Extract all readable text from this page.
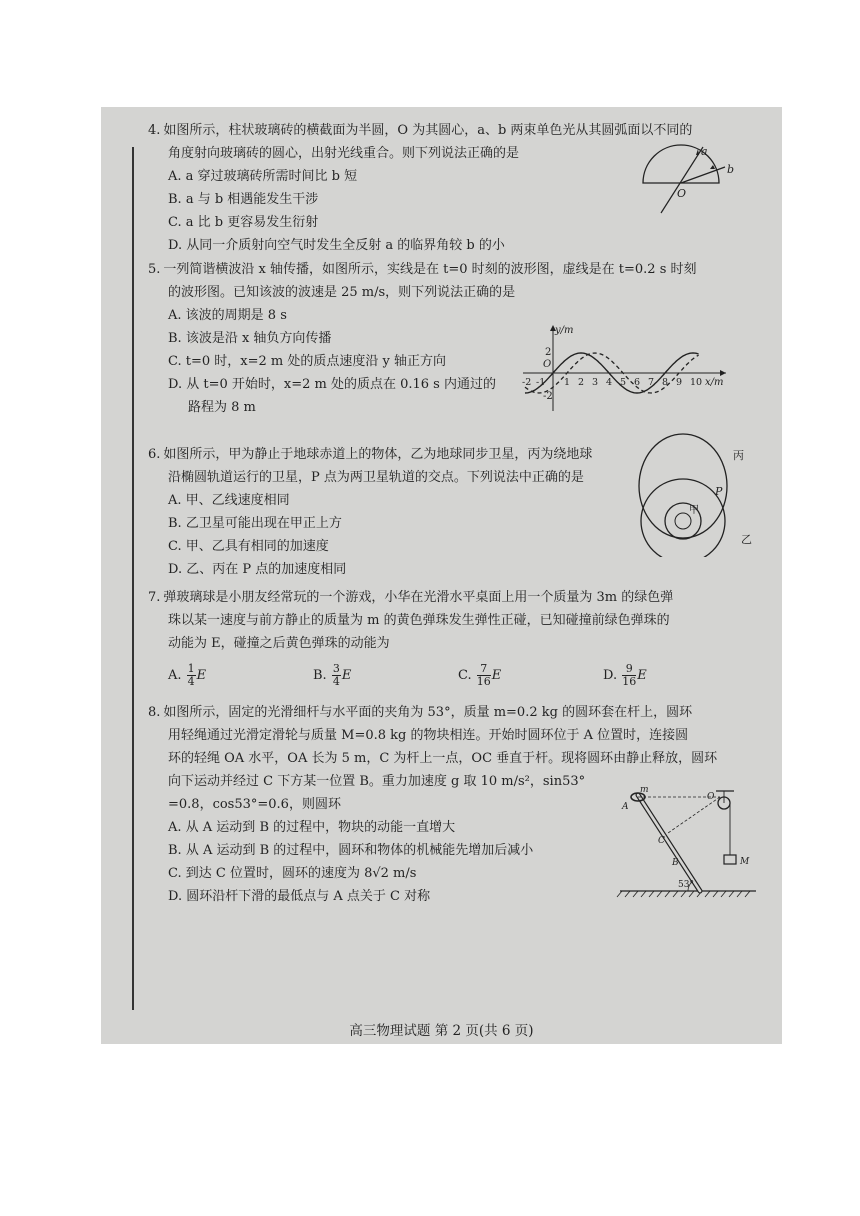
4. 如图所示，柱状玻璃砖的横截面为半圆，O 为其圆心，a、b 两束单色光从其圆弧面以不同的
角度射向玻璃砖的圆心，出射光线重合。则下列说法正确的是
A. a 穿过玻璃砖所需时间比 b 短
B. a 与 b 相遇能发生干涉
C. a 比 b 更容易发生衍射
D. 从同一介质射向空气时发生全反射 a 的临界角较 b 的小
a
b
O
5. 一列简谐横波沿 x 轴传播，如图所示，实线是在 t=0 时刻的波形图，虚线是在 t=0.2 s 时刻
的波形图。已知该波的波速是 25 m/s，则下列说法正确的是
A. 该波的周期是 8 s
B. 该波是沿 x 轴负方向传播
C. t=0 时，x=2 m 处的质点速度沿 y 轴正方向
D. 从 t=0 开始时，x=2 m 处的质点在 0.16 s 内通过的
路程为 8 m
y/m
x/m
O
2
-2
-2 -1 1 2 3 4 5 6 7 8 9 10
6. 如图所示，甲为静止于地球赤道上的物体，乙为地球同步卫星，丙为绕地球
沿椭圆轨道运行的卫星，P 点为两卫星轨道的交点。下列说法中正确的是
A. 甲、乙线速度相同
B. 乙卫星可能出现在甲正上方
C. 甲、乙具有相同的加速度
D. 乙、丙在 P 点的加速度相同
丙
P
甲
乙
7. 弹玻璃球是小朋友经常玩的一个游戏，小华在光滑水平桌面上用一个质量为 3m 的绿色弹
珠以某一速度与前方静止的质量为 m 的黄色弹珠发生弹性正碰，已知碰撞前绿色弹珠的
动能为 E，碰撞之后黄色弹珠的动能为
A. $\frac{1}{4}$ E	B. $\frac{3}{4}$ E	C. $\frac{7}{16}$ E	D. $\frac{9}{16}$ E
8. 如图所示，固定的光滑细杆与水平面的夹角为 53°，质量 m=0.2 kg 的圆环套在杆上，圆环
用轻绳通过光滑定滑轮与质量 M=0.8 kg 的物块相连。开始时圆环位于 A 位置时，连接圆
环的轻绳 OA 水平，OA 长为 5 m，C 为杆上一点，OC 垂直于杆。现将圆环由静止释放，圆环
向下运动并经过 C 下方某一位置 B。重力加速度 g 取 10 m/s²，sin53°
=0.8，cos53°=0.6，则圆环
A. 从 A 运动到 B 的过程中，物块的动能一直增大
B. 从 A 运动到 B 的过程中，圆环和物体的机械能先增加后减小
C. 到达 C 位置时，圆环的速度为 8√2 m/s
D. 圆环沿杆下滑的最低点与 A 点关于 C 对称
m
O
A
C
B	M
53°
高三物理试题 第 2 页(共 6 页)
